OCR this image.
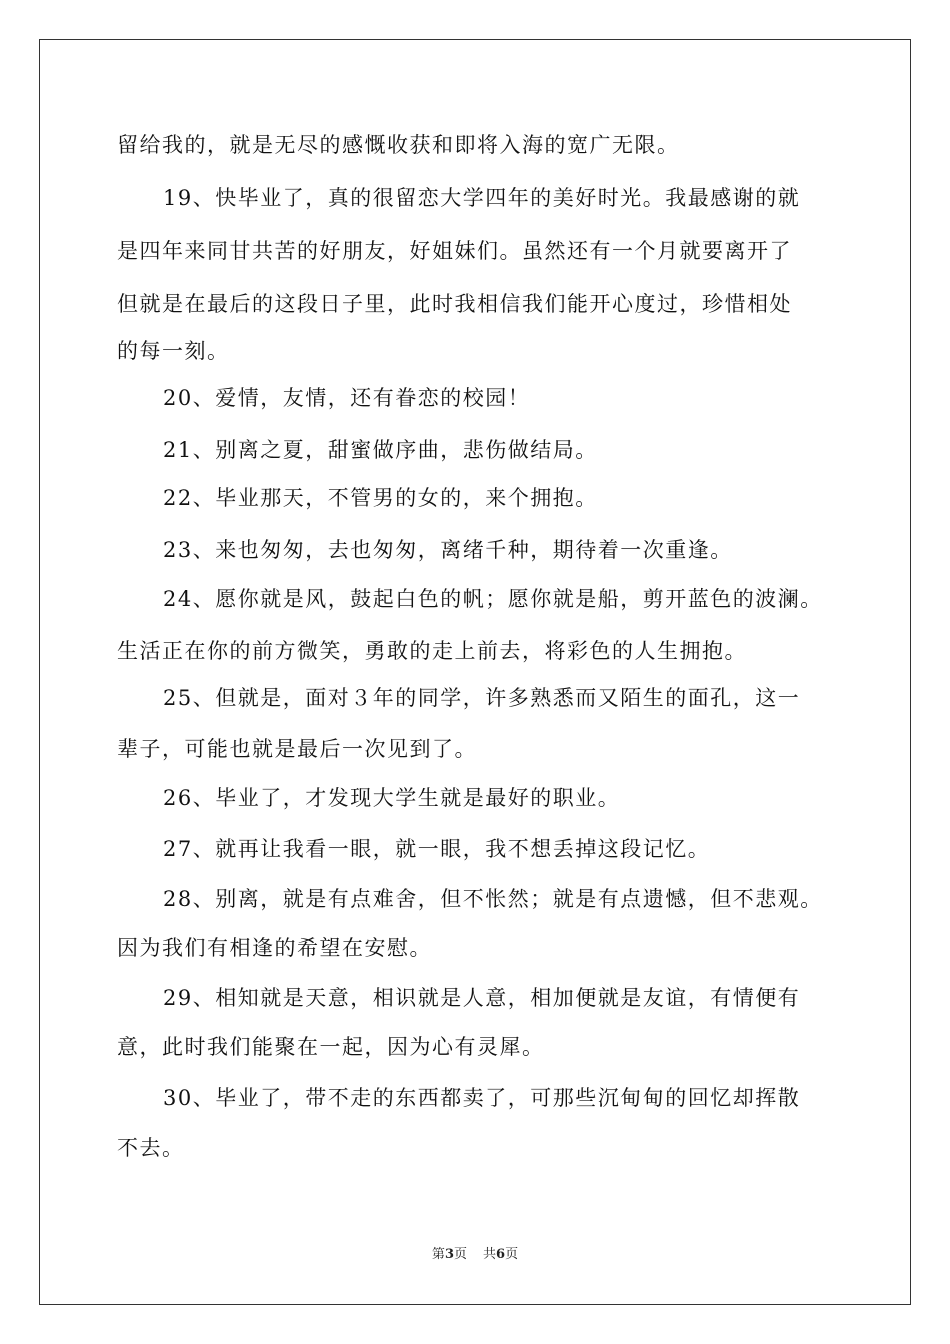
留给我的，就是无尽的感慨收获和即将入海的宽广无限。
19、快毕业了，真的很留恋大学四年的美好时光。我最感谢的就
是四年来同甘共苦的好朋友，好姐妹们。虽然还有一个月就要离开了
但就是在最后的这段日子里，此时我相信我们能开心度过，珍惜相处
的每一刻。
20、爱情，友情，还有眷恋的校园！
21、别离之夏，甜蜜做序曲，悲伤做结局。
22、毕业那天，不管男的女的，来个拥抱。
23、来也匆匆，去也匆匆，离绪千种，期待着一次重逢。
24、愿你就是风，鼓起白色的帆；愿你就是船，剪开蓝色的波澜。
生活正在你的前方微笑，勇敢的走上前去，将彩色的人生拥抱。
25、但就是，面对３年的同学，许多熟悉而又陌生的面孔，这一
辈子，可能也就是最后一次见到了。
26、毕业了，才发现大学生就是最好的职业。
27、就再让我看一眼，就一眼，我不想丢掉这段记忆。
28、别离，就是有点难舍，但不怅然；就是有点遗憾，但不悲观。
因为我们有相逢的希望在安慰。
29、相知就是天意，相识就是人意，相加便就是友谊，有情便有
意，此时我们能聚在一起，因为心有灵犀。
30、毕业了，带不走的东西都卖了，可那些沉甸甸的回忆却挥散
不去。
第3页 共6页
